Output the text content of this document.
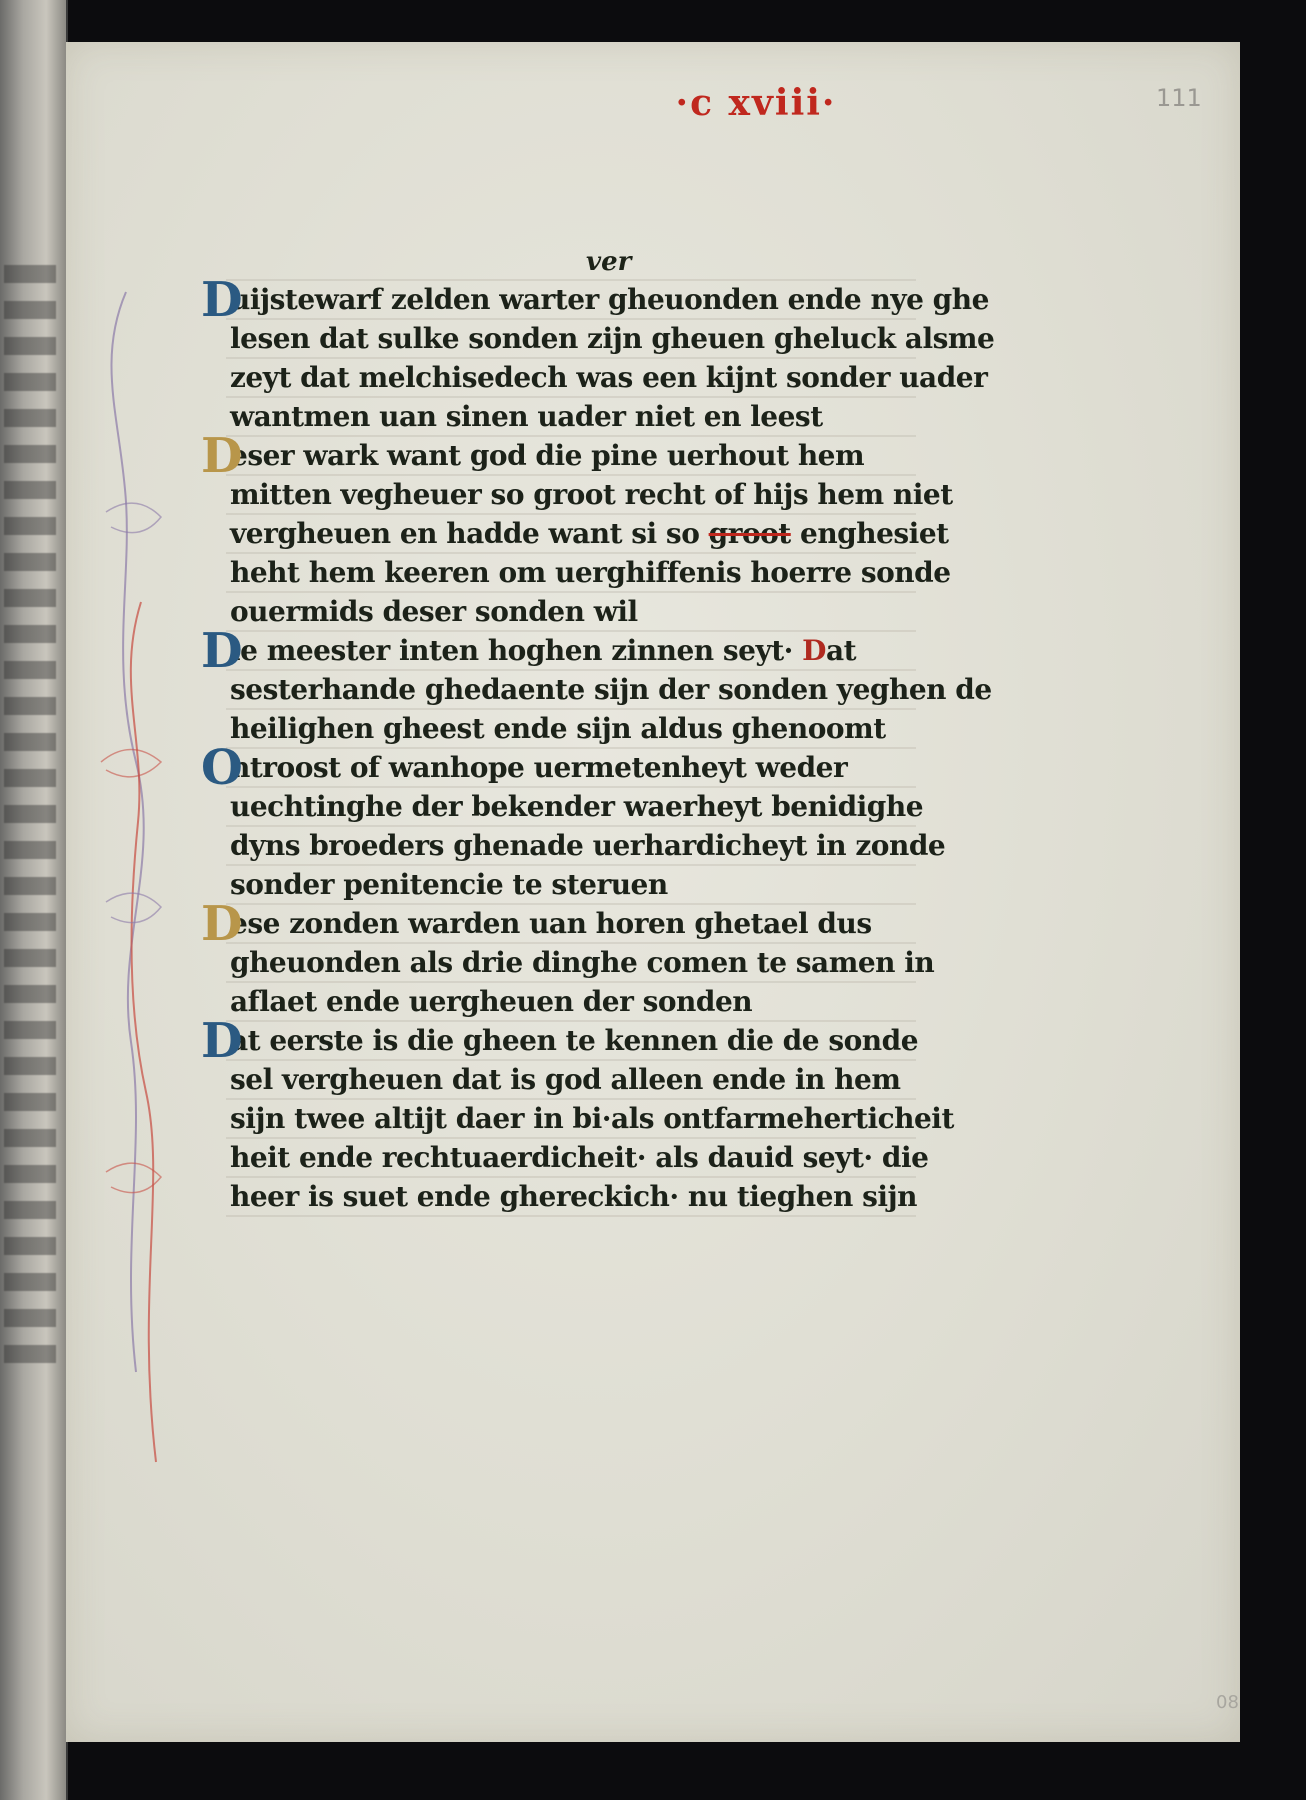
·c xviii·	111
08
ver
D
uijstewarf zelden warter gheuonden ende nye ghe
lesen dat sulke sonden zijn gheuen gheluck alsme
zeyt dat melchisedech was een kijnt sonder uader
wantmen uan sinen uader niet en leest
D
eser wark want god die pine uerhout hem
mitten vegheuer so groot recht of hijs hem niet
vergheuen en hadde want si so groot enghesiet
heht hem keeren om uerghiffenis hoerre sonde
ouermids deser sonden wil
D
ie meester inten hoghen zinnen seyt· Dat
sesterhande ghedaente sijn der sonden yeghen de
heilighen gheest ende sijn aldus ghenoomt
O
ntroost of wanhope uermetenheyt weder
uechtinghe der bekender waerheyt benidighe
dyns broeders ghenade uerhardicheyt in zonde
sonder penitencie te steruen
D
ese zonden warden uan horen ghetael dus
gheuonden als drie dinghe comen te samen in
aflaet ende uergheuen der sonden
D
at eerste is die gheen te kennen die de sonde
sel vergheuen dat is god alleen ende in hem
sijn twee altijt daer in bi·als ontfarmeherticheit
heit ende rechtuaerdicheit· als dauid seyt· die
heer is suet ende ghereckich· nu tieghen sijn
